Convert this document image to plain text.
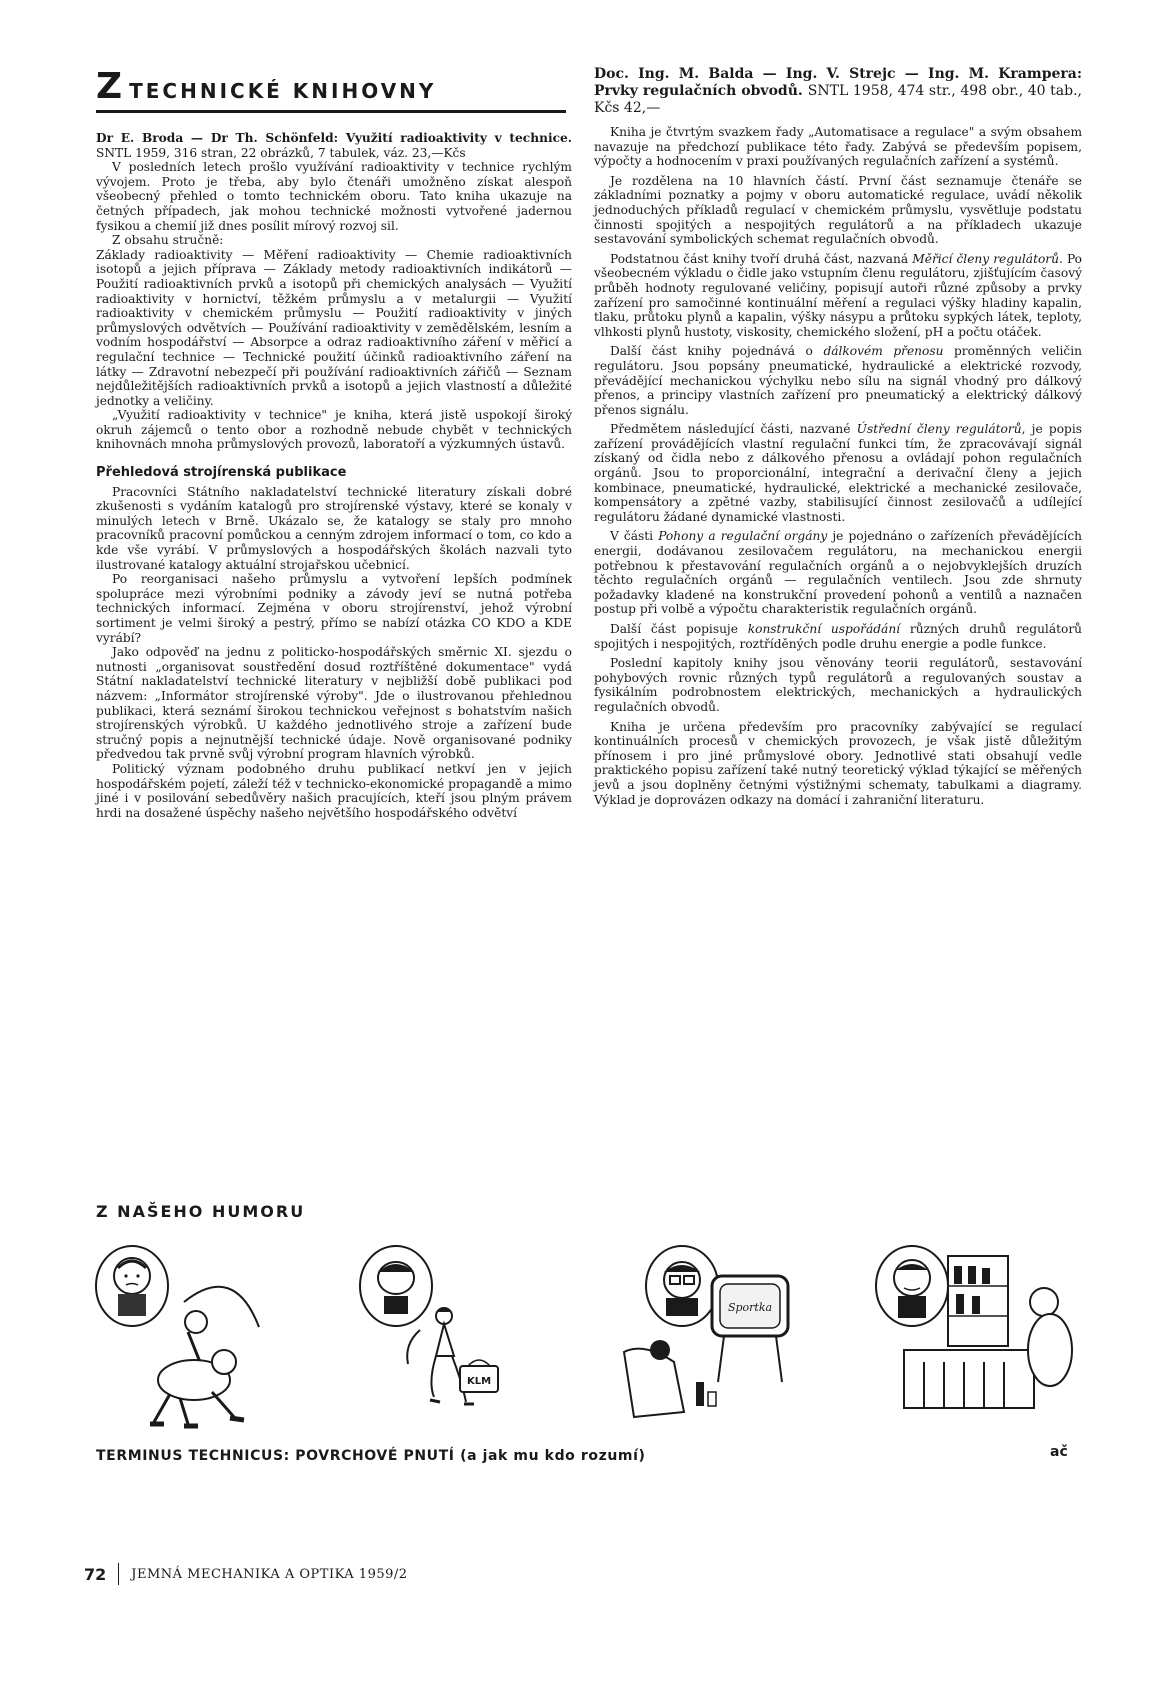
ZTECHNICKÉ KNIHOVNY

Dr E. Broda — Dr Th. Schönfeld: Využití radioaktivity v technice. SNTL 1959, 316 stran, 22 obrázků, 7 tabulek, váz. 23,—Kčs

V posledních letech prošlo využívání radioaktivity v technice rychlým vývojem. Proto je třeba, aby bylo čtenáři umožněno získat alespoň všeobecný přehled o tomto technickém oboru. Tato kniha ukazuje na četných případech, jak mohou technické možnosti vytvořené jadernou fysikou a chemií již dnes posílit mírový rozvoj sil.

Z obsahu stručně:

Základy radioaktivity — Měření radioaktivity — Chemie radioaktivních isotopů a jejich příprava — Základy metody radioaktivních indikátorů — Použití radioaktivních prvků a isotopů při chemických analysách — Využití radioaktivity v hornictví, těžkém průmyslu a v metalurgii — Využití radioaktivity v chemickém průmyslu — Použití radioaktivity v jiných průmyslových odvětvích — Používání radioaktivity v zemědělském, lesním a vodním hospodářství — Absorpce a odraz radioaktivního záření v měřicí a regulační technice — Technické použití účinků radioaktivního záření na látky — Zdravotní nebezpečí při používání radioaktivních zářičů — Seznam nejdůležitějších radioaktivních prvků a isotopů a jejich vlastností a důležité jednotky a veličiny.

„Využití radioaktivity v technice" je kniha, která jistě uspokojí široký okruh zájemců o tento obor a rozhodně nebude chybět v technických knihovnách mnoha průmyslových provozů, laboratoří a výzkumných ústavů.

Přehledová strojírenská publikace

Pracovníci Státního nakladatelství technické literatury získali dobré zkušenosti s vydáním katalogů pro strojírenské výstavy, které se konaly v minulých letech v Brně. Ukázalo se, že katalogy se staly pro mnoho pracovníků pracovní pomůckou a cenným zdrojem informací o tom, co kdo a kde vše vyrábí. V průmyslových a hospodářských školách nazvali tyto ilustrované katalogy aktuální strojařskou učebnicí.

Po reorganisaci našeho průmyslu a vytvoření lepších podmínek spolupráce mezi výrobními podniky a závody jeví se nutná potřeba technických informací. Zejména v oboru strojírenství, jehož výrobní sortiment je velmi široký a pestrý, přímo se nabízí otázka CO KDO a KDE vyrábí?

Jako odpověď na jednu z politicko-hospodářských směrnic XI. sjezdu o nutnosti „organisovat soustředění dosud roztříštěné dokumentace" vydá Státní nakladatelství technické literatury v nejbližší době publikaci pod názvem: „Informátor strojírenské výroby". Jde o ilustrovanou přehlednou publikaci, která seznámí širokou technickou veřejnost s bohatstvím našich strojírenských výrobků. U každého jednotlivého stroje a zařízení bude stručný popis a nejnutnější technické údaje. Nově organisované podniky předvedou tak prvně svůj výrobní program hlavních výrobků.

Politický význam podobného druhu publikací netkví jen v jejich hospodářském pojetí, záleží též v technicko-ekonomické propagandě a mimo jiné i v posilování sebedůvěry našich pracujících, kteří jsou plným právem hrdi na dosažené úspěchy našeho největšího hospodářského odvětví

Doc. Ing. M. Balda — Ing. V. Strejc — Ing. M. Krampera: Prvky regulačních obvodů. SNTL 1958, 474 str., 498 obr., 40 tab., Kčs 42,—

Kniha je čtvrtým svazkem řady „Automatisace a regulace" a svým obsahem navazuje na předchozí publikace této řady. Zabývá se především popisem, výpočty a hodnocením v praxi používaných regulačních zařízení a systémů.

Je rozdělena na 10 hlavních částí. První část seznamuje čtenáře se základními poznatky a pojmy v oboru automatické regulace, uvádí několik jednoduchých příkladů regulací v chemickém průmyslu, vysvětluje podstatu činnosti spojitých a nespojitých regulátorů a na příkladech ukazuje sestavování symbolických schemat regulačních obvodů.

Podstatnou část knihy tvoří druhá část, nazvaná Měřicí členy regulátorů. Po všeobecném výkladu o čidle jako vstupním členu regulátoru, zjišťujícím časový průběh hodnoty regulované veličiny, popisují autoři různé způsoby a prvky zařízení pro samočinné kontinuální měření a regulaci výšky hladiny kapalin, tlaku, průtoku plynů a kapalin, výšky násypu a průtoku sypkých látek, teploty, vlhkosti plynů hustoty, viskosity, chemického složení, pH a počtu otáček.

Další část knihy pojednává o dálkovém přenosu proměnných veličin regulátoru. Jsou popsány pneumatické, hydraulické a elektrické rozvody, převádějící mechanickou výchylku nebo sílu na signál vhodný pro dálkový přenos, a principy vlastních zařízení pro pneumatický a elektrický dálkový přenos signálu.

Předmětem následující části, nazvané Ústřední členy regulátorů, je popis zařízení provádějících vlastní regulační funkci tím, že zpracovávají signál získaný od čidla nebo z dálkového přenosu a ovládají pohon regulačních orgánů. Jsou to proporcionální, integrační a derivační členy a jejich kombinace, pneumatické, hydraulické, elektrické a mechanické zesilovače, kompensátory a zpětné vazby, stabilisující činnost zesilovačů a udílející regulátoru žádané dynamické vlastnosti.

V části Pohony a regulační orgány je pojednáno o zařízeních převádějících energii, dodávanou zesilovačem regulátoru, na mechanickou energii potřebnou k přestavování regulačních orgánů a o nejobvyklejších druzích těchto regulačních orgánů — regulačních ventilech. Jsou zde shrnuty požadavky kladené na konstrukční provedení pohonů a ventilů a naznačen postup při volbě a výpočtu charakteristik regulačních orgánů.

Další část popisuje konstrukční uspořádání různých druhů regulátorů spojitých i nespojitých, roztříděných podle druhu energie a podle funkce.

Poslední kapitoly knihy jsou věnovány teorii regulátorů, sestavování pohybových rovnic různých typů regulátorů a regulovaných soustav a fysikálním podrobnostem elektrických, mechanických a hydraulických regulačních obvodů.

Kniha je určena především pro pracovníky zabývající se regulací kontinuálních procesů v chemických provozech, je však jistě důležitým přínosem i pro jiné průmyslové obory. Jednotlivé stati obsahují vedle praktického popisu zařízení také nutný teoretický výklad týkající se měřených jevů a jsou doplněny četnými výstižnými schematy, tabulkami a diagramy. Výklad je doprovázen odkazy na domácí i zahraniční literaturu.

Z NAŠEHO HUMORU
KLM
Sportka
TERMINUS TECHNICUS: POVRCHOVÉ PNUTÍ (a jak mu kdo rozumí)	ač
72 JEMNÁ MECHANIKA A OPTIKA 1959/2
